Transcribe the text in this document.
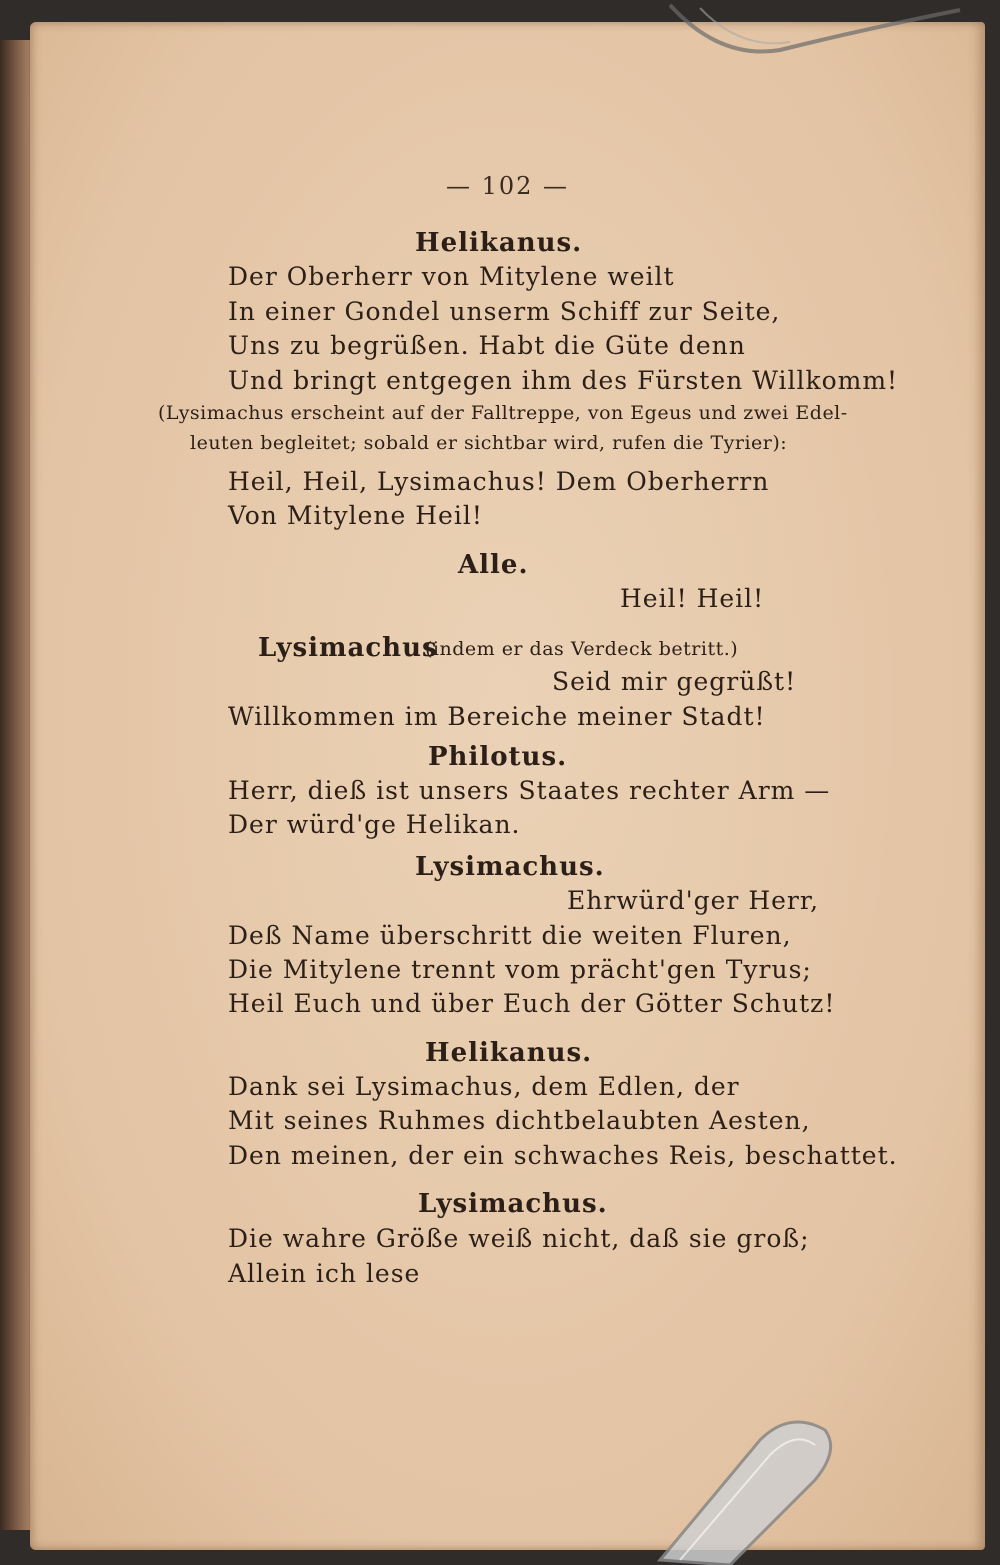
— 102 —
Helikanus.
Der Oberherr von Mitylene weilt
In einer Gondel unserm Schiff zur Seite,
Uns zu begrüßen. Habt die Güte denn
Und bringt entgegen ihm des Fürsten Willkomm!
(Lysimachus erscheint auf der Falltreppe, von Egeus und zwei Edel-
leuten begleitet; sobald er sichtbar wird, rufen die Tyrier):
Heil, Heil, Lysimachus! Dem Oberherrn
Von Mitylene Heil!
Alle.
Heil! Heil!
Lysimachus
(indem er das Verdeck betritt.)
Seid mir gegrüßt!
Willkommen im Bereiche meiner Stadt!
Philotus.
Herr, dieß ist unsers Staates rechter Arm —
Der würd'ge Helikan.
Lysimachus.
Ehrwürd'ger Herr,
Deß Name überschritt die weiten Fluren,
Die Mitylene trennt vom prächt'gen Tyrus;
Heil Euch und über Euch der Götter Schutz!
Helikanus.
Dank sei Lysimachus, dem Edlen, der
Mit seines Ruhmes dichtbelaubten Aesten,
Den meinen, der ein schwaches Reis, beschattet.
Lysimachus.
Die wahre Größe weiß nicht, daß sie groß;
Allein ich lese
